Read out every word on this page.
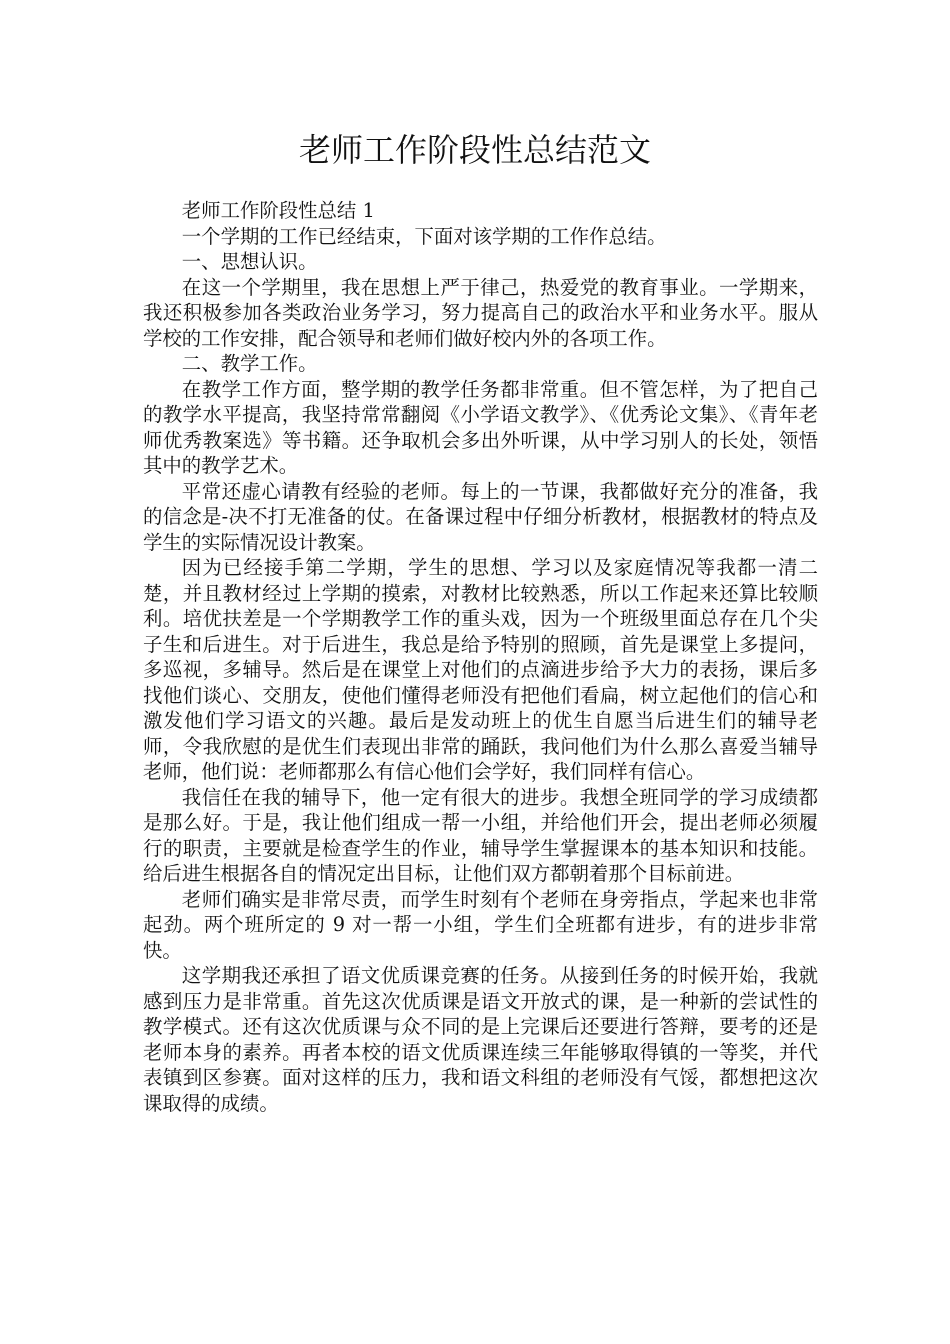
老师工作阶段性总结范文

老师工作阶段性总结 1

一个学期的工作已经结束，下面对该学期的工作作总结。

一、思想认识。

在这一个学期里，我在思想上严于律己，热爱党的教育事业。一学期来，我还积极参加各类政治业务学习，努力提高自己的政治水平和业务水平。服从学校的工作安排，配合领导和老师们做好校内外的各项工作。

二、教学工作。

在教学工作方面，整学期的教学任务都非常重。但不管怎样，为了把自己的教学水平提高，我坚持常常翻阅《小学语文教学》、《优秀论文集》、《青年老师优秀教案选》等书籍。还争取机会多出外听课，从中学习别人的长处，领悟其中的教学艺术。

平常还虚心请教有经验的老师。每上的一节课，我都做好充分的准备，我的信念是-决不打无准备的仗。在备课过程中仔细分析教材，根据教材的特点及学生的实际情况设计教案。

因为已经接手第二学期，学生的思想、学习以及家庭情况等我都一清二楚，并且教材经过上学期的摸索，对教材比较熟悉，所以工作起来还算比较顺利。培优扶差是一个学期教学工作的重头戏，因为一个班级里面总存在几个尖子生和后进生。对于后进生，我总是给予特别的照顾，首先是课堂上多提问，多巡视，多辅导。然后是在课堂上对他们的点滴进步给予大力的表扬，课后多找他们谈心、交朋友，使他们懂得老师没有把他们看扁，树立起他们的信心和激发他们学习语文的兴趣。最后是发动班上的优生自愿当后进生们的辅导老师，令我欣慰的是优生们表现出非常的踊跃，我问他们为什么那么喜爱当辅导老师，他们说：老师都那么有信心他们会学好，我们同样有信心。

我信任在我的辅导下，他一定有很大的进步。我想全班同学的学习成绩都是那么好。于是，我让他们组成一帮一小组，并给他们开会，提出老师必须履行的职责，主要就是检查学生的作业，辅导学生掌握课本的基本知识和技能。给后进生根据各自的情况定出目标，让他们双方都朝着那个目标前进。

老师们确实是非常尽责，而学生时刻有个老师在身旁指点，学起来也非常起劲。两个班所定的 9 对一帮一小组，学生们全班都有进步，有的进步非常快。

这学期我还承担了语文优质课竞赛的任务。从接到任务的时候开始，我就感到压力是非常重。首先这次优质课是语文开放式的课，是一种新的尝试性的教学模式。还有这次优质课与众不同的是上完课后还要进行答辩，要考的还是老师本身的素养。再者本校的语文优质课连续三年能够取得镇的一等奖，并代表镇到区参赛。面对这样的压力，我和语文科组的老师没有气馁，都想把这次课取得的成绩。
